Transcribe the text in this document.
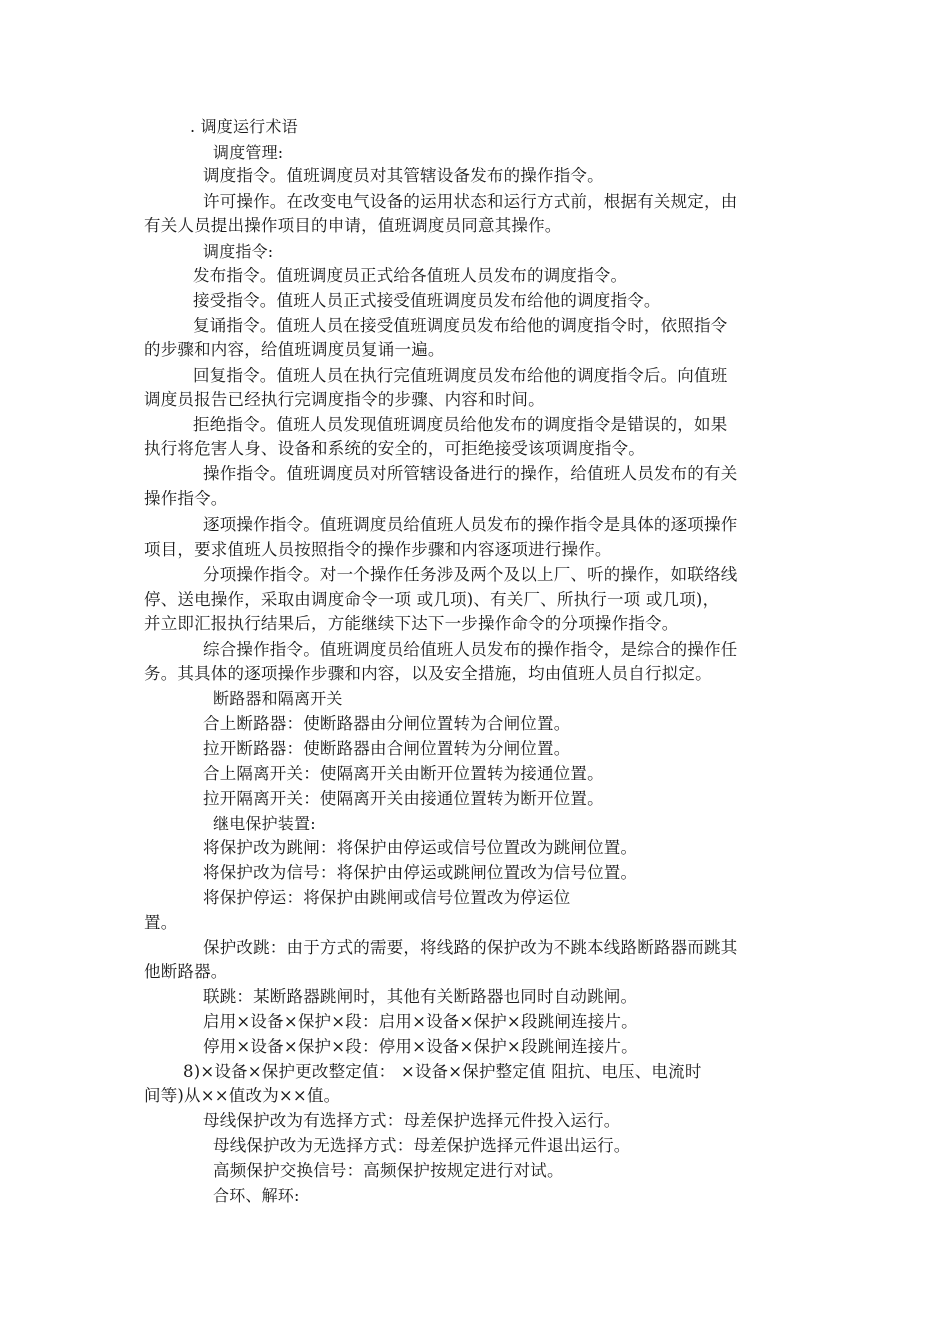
. 调度运行术语
调度管理:
调度指令。值班调度员对其管辖设备发布的操作指令。
许可操作。在改变电气设备的运用状态和运行方式前，根据有关规定，由
有关人员提出操作项目的申请，值班调度员同意其操作。
调度指令:
发布指令。值班调度员正式给各值班人员发布的调度指令。
接受指令。值班人员正式接受值班调度员发布给他的调度指令。
复诵指令。值班人员在接受值班调度员发布给他的调度指令时，依照指令
的步骤和内容，给值班调度员复诵一遍。
回复指令。值班人员在执行完值班调度员发布给他的调度指令后。向值班
调度员报告已经执行完调度指令的步骤、内容和时间。
拒绝指令。值班人员发现值班调度员给他发布的调度指令是错误的，如果
执行将危害人身、设备和系统的安全的，可拒绝接受该项调度指令。
操作指令。值班调度员对所管辖设备进行的操作，给值班人员发布的有关
操作指令。
逐项操作指令。值班调度员给值班人员发布的操作指令是具体的逐项操作
项目，要求值班人员按照指令的操作步骤和内容逐项进行操作。
分项操作指令。对一个操作任务涉及两个及以上厂、听的操作，如联络线
停、送电操作，采取由调度命令一项 或几项)、有关厂、所执行一项 或几项)，
并立即汇报执行结果后，方能继续下达下一步操作命令的分项操作指令。
综合操作指令。值班调度员给值班人员发布的操作指令，是综合的操作任
务。其具体的逐项操作步骤和内容，以及安全措施，均由值班人员自行拟定。
断路器和隔离开关
合上断路器：使断路器由分闸位置转为合闸位置。
拉开断路器：使断路器由合闸位置转为分闸位置。
合上隔离开关：使隔离开关由断开位置转为接通位置。
拉开隔离开关：使隔离开关由接通位置转为断开位置。
继电保护装置:
将保护改为跳闸：将保护由停运或信号位置改为跳闸位置。
将保护改为信号：将保护由停运或跳闸位置改为信号位置。
将保护停运：将保护由跳闸或信号位置改为停运位
置。
保护改跳：由于方式的需要，将线路的保护改为不跳本线路断路器而跳其
他断路器。
联跳：某断路器跳闸时，其他有关断路器也同时自动跳闸。
启用×设备×保护×段：启用×设备×保护×段跳闸连接片。
停用×设备×保护×段：停用×设备×保护×段跳闸连接片。
8)×设备×保护更改整定值： ×设备×保护整定值 阻抗、电压、电流时
间等)从××值改为××值。
母线保护改为有选择方式：母差保护选择元件投入运行。
母线保护改为无选择方式：母差保护选择元件退出运行。
高频保护交换信号：高频保护按规定进行对试。
合环、解环:
